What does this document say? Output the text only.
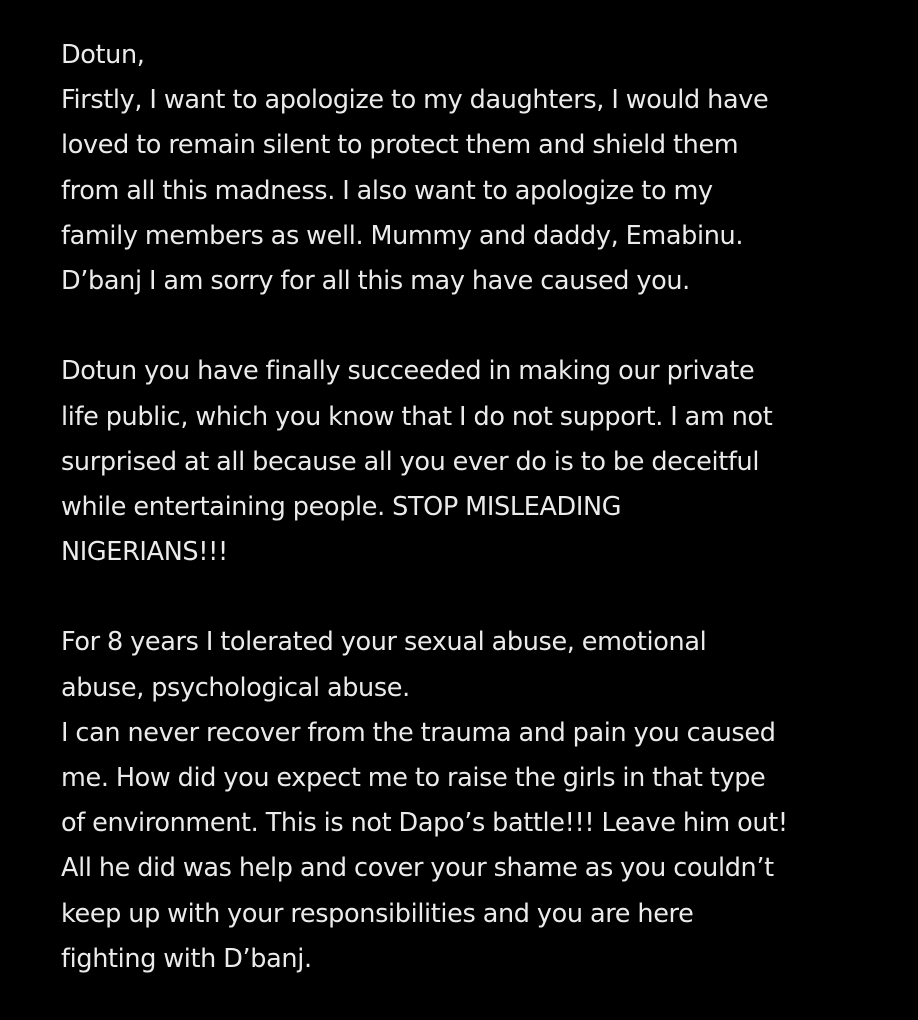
Dotun,
Firstly, I want to apologize to my daughters, I would have
loved to remain silent to protect them and shield them
from all this madness. I also want to apologize to my
family members as well. Mummy and daddy, Emabinu.
D’banj I am sorry for all this may have caused you.
Dotun you have finally succeeded in making our private
life public, which you know that I do not support. I am not
surprised at all because all you ever do is to be deceitful
while entertaining people. STOP MISLEADING
NIGERIANS!!!
For 8 years I tolerated your sexual abuse, emotional
abuse, psychological abuse.
I can never recover from the trauma and pain you caused
me. How did you expect me to raise the girls in that type
of environment. This is not Dapo’s battle!!! Leave him out!
All he did was help and cover your shame as you couldn’t
keep up with your responsibilities and you are here
fighting with D’banj.
